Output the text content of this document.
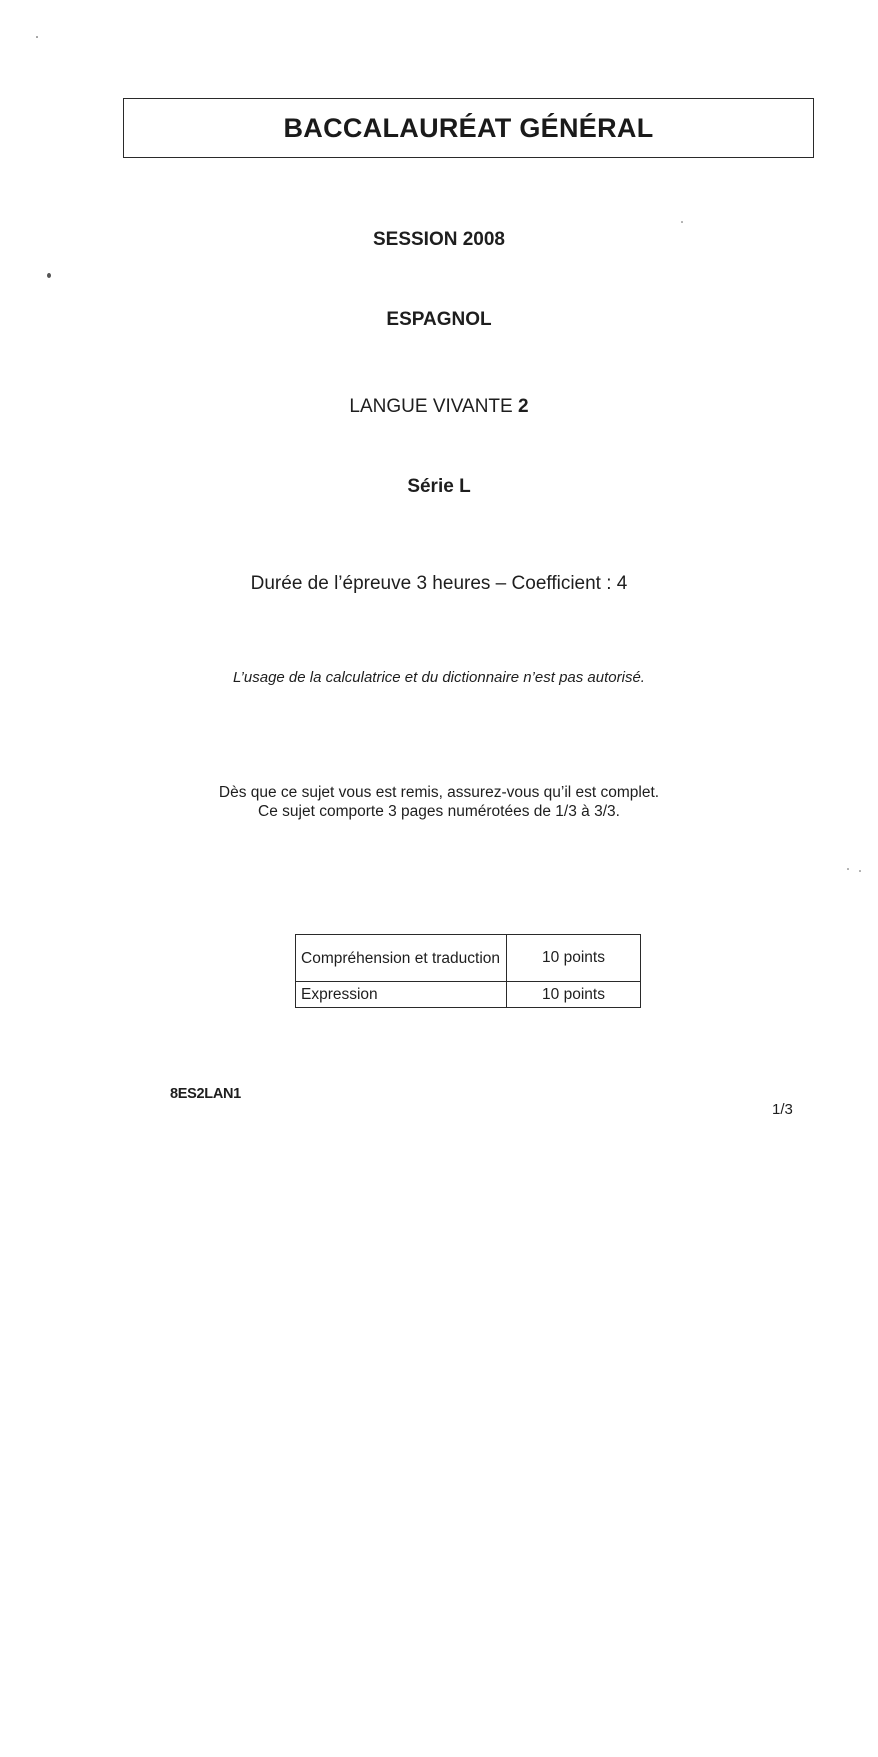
BACCALAURÉAT GÉNÉRAL
SESSION 2008
ESPAGNOL
LANGUE VIVANTE 2
Série L
Durée de l’épreuve 3 heures – Coefficient : 4
L’usage de la calculatrice et du dictionnaire n’est pas autorisé.
Dès que ce sujet vous est remis, assurez-vous qu’il est complet.
Ce sujet comporte 3 pages numérotées de 1/3 à 3/3.
Compréhension et traduction	10 points
Expression	10 points
8ES2LAN1
1/3
